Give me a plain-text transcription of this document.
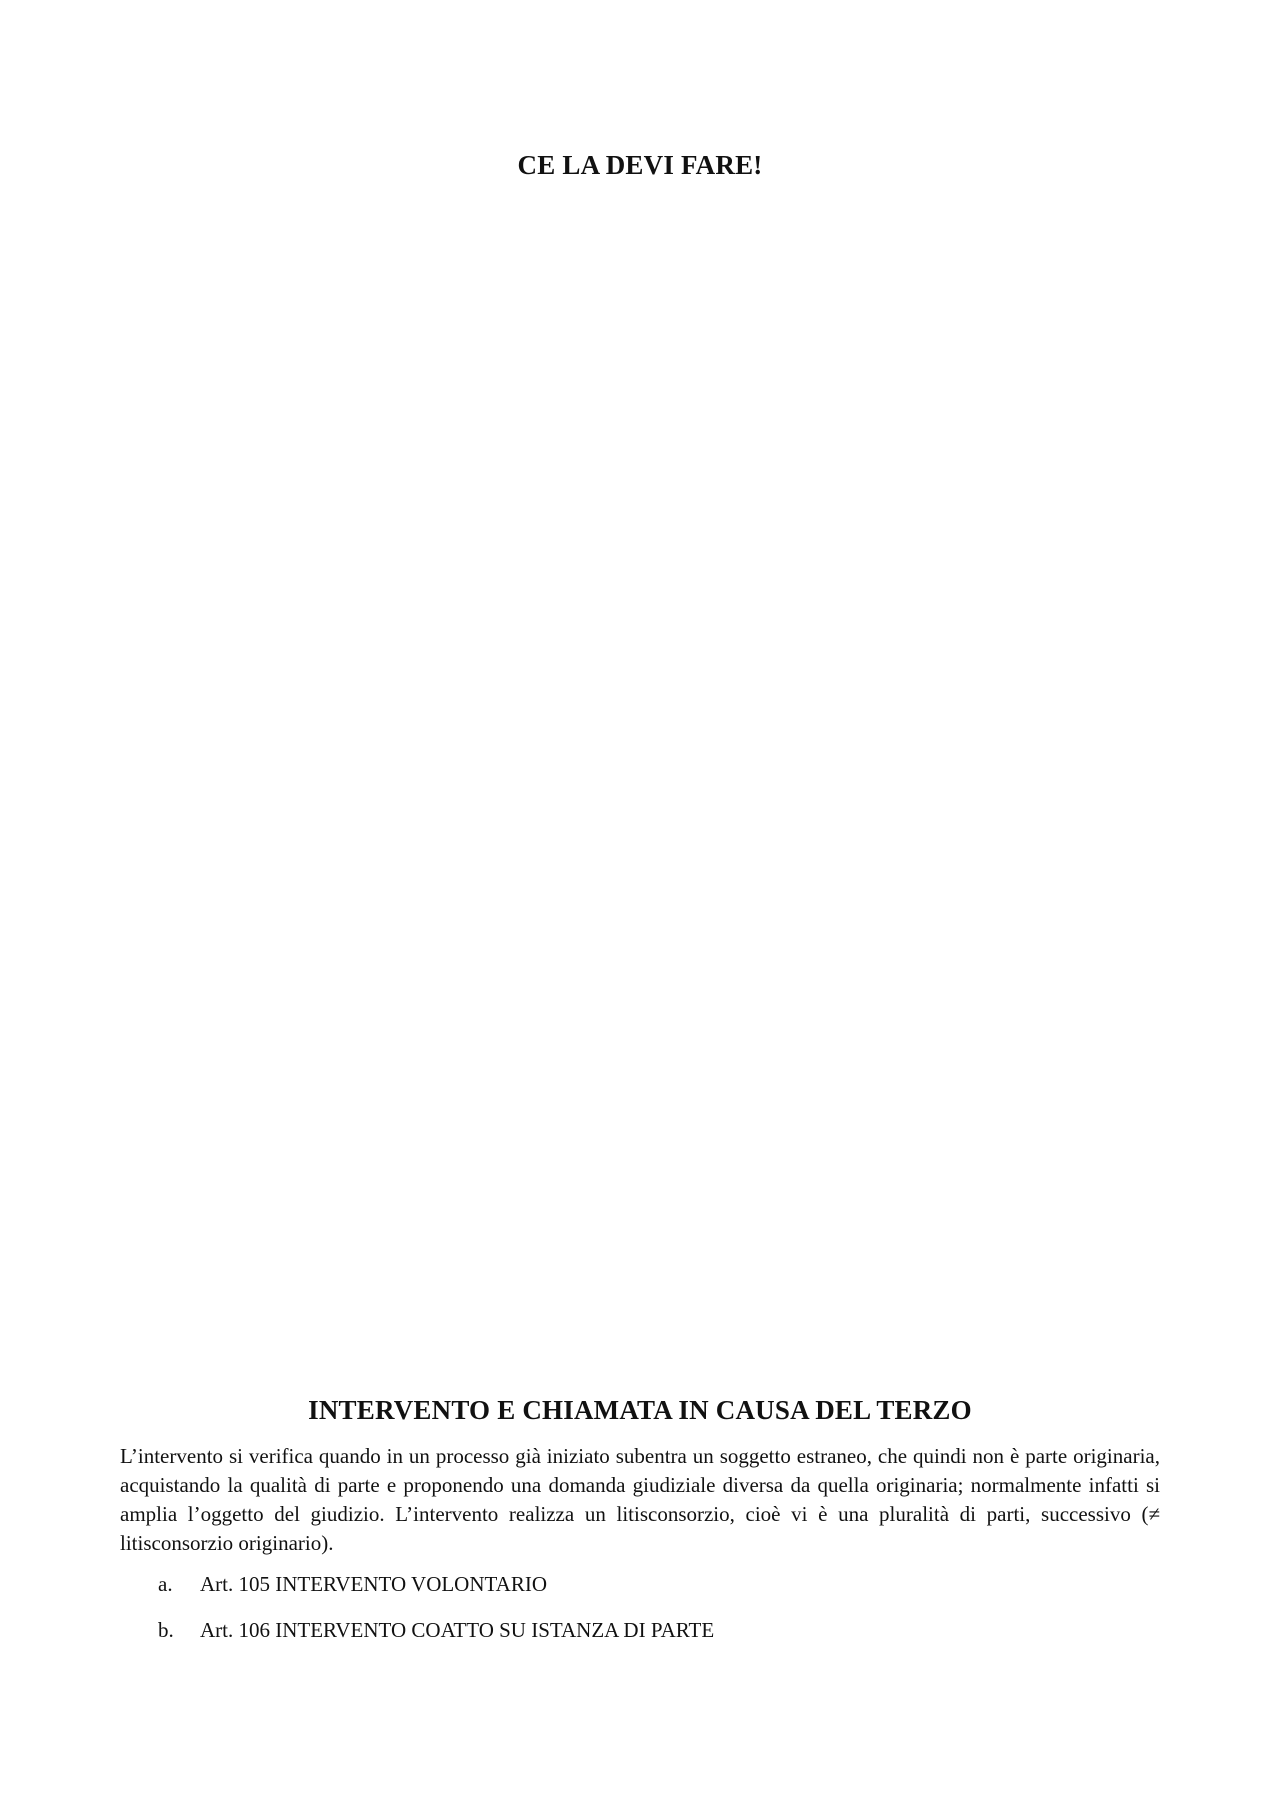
CE LA DEVI FARE!
INTERVENTO E CHIAMATA IN CAUSA DEL TERZO

L’intervento si verifica quando in un processo già iniziato subentra un soggetto estraneo, che quindi non è parte originaria, acquistando la qualità di parte e proponendo una domanda giudiziale diversa da quella originaria; normalmente infatti si amplia l’oggetto del giudizio. L’intervento realizza un litisconsorzio, cioè vi è una pluralità di parti, successivo (≠ litisconsorzio originario).

a.	Art. 105 INTERVENTO VOLONTARIO
b.	Art. 106 INTERVENTO COATTO SU ISTANZA DI PARTE
